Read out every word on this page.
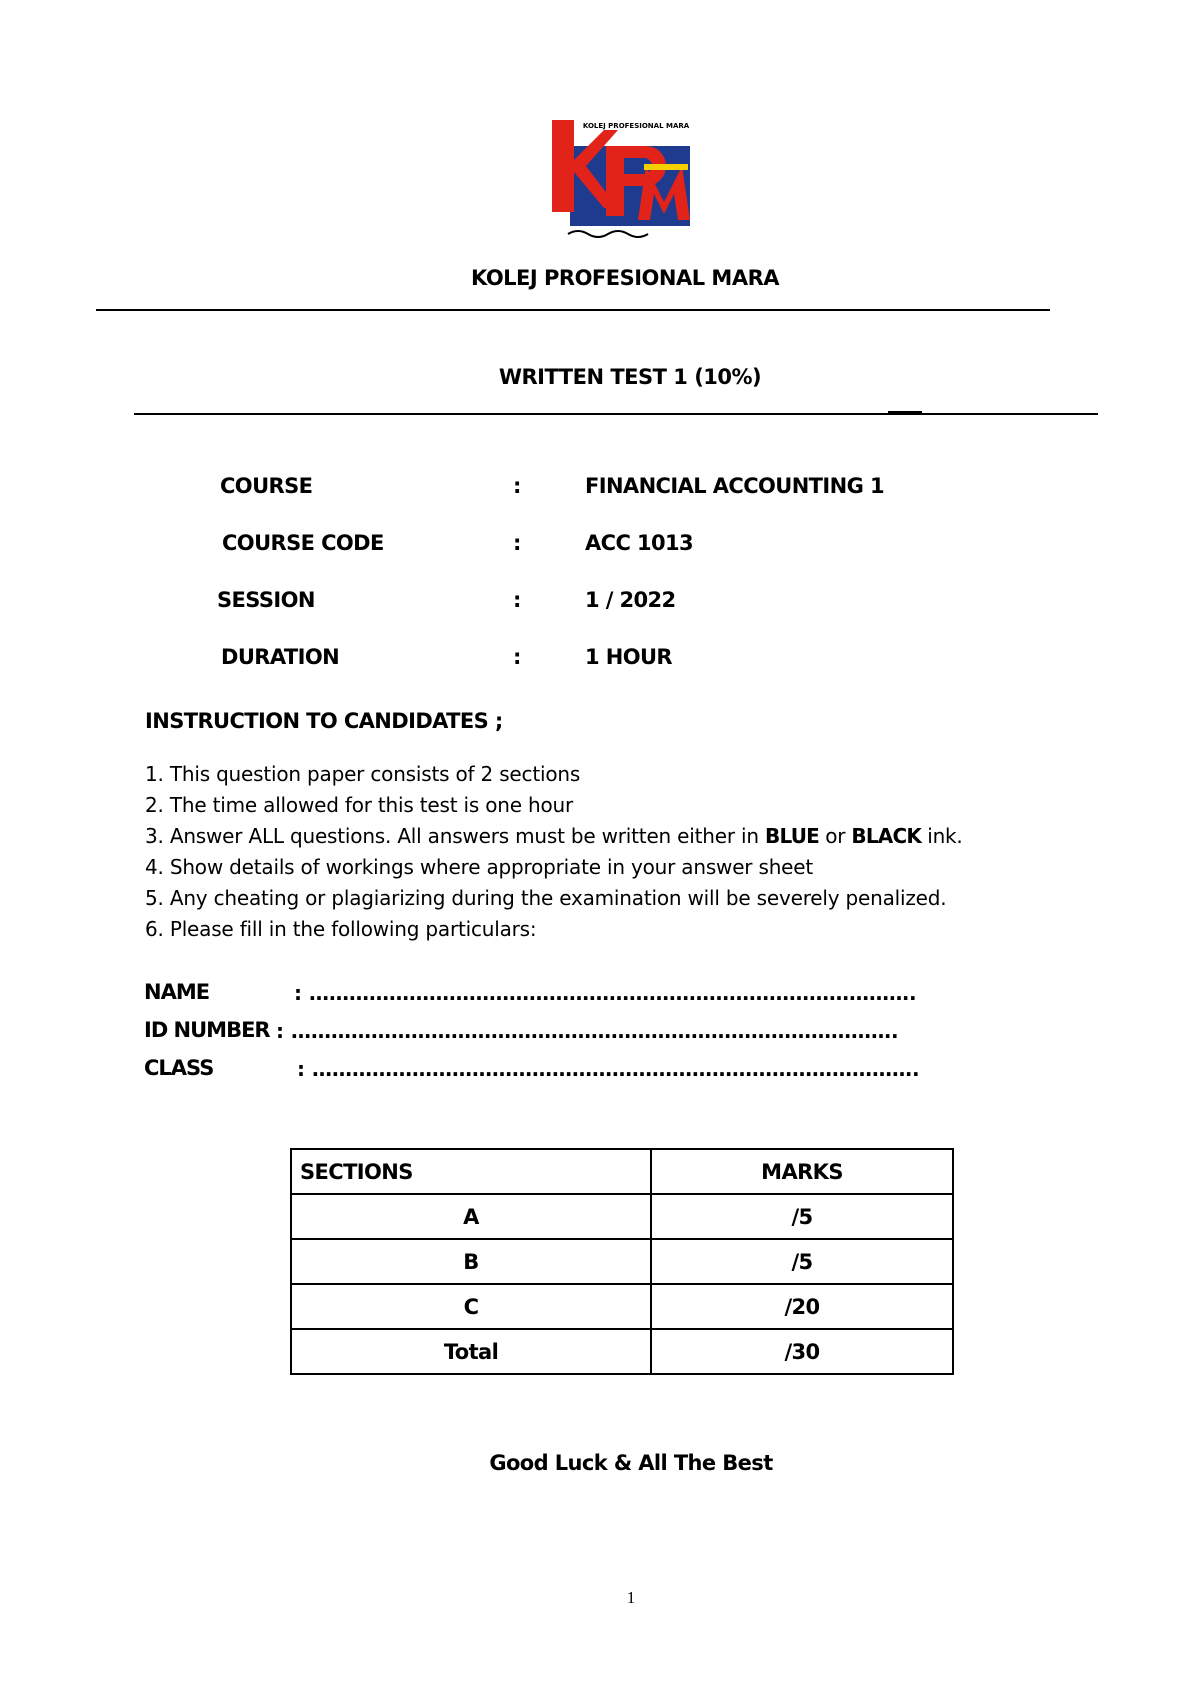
KOLEJ PROFESIONAL MARA
KOLEJ PROFESIONAL MARA
WRITTEN TEST 1 (10%)
COURSE	:	FINANCIAL ACCOUNTING 1
COURSE CODE	:	ACC 1013
SESSION	:	1 / 2022
DURATION	:	1 HOUR
INSTRUCTION TO CANDIDATES ;
1. This question paper consists of 2 sections
2. The time allowed for this test is one hour
3. Answer ALL questions. All answers must be written either in BLUE or BLACK ink.
4. Show details of workings where appropriate in your answer sheet
5. Any cheating or plagiarizing during the examination will be severely penalized.
6. Please fill in the following particulars:
NAME	: ……………………………………………………………………………….
ID NUMBER : ……………………………………………………………………………….
CLASS	: ……………………………………………………………………………….
SECTIONS	MARKS
A	/5
B	/5
C	/20
Total	/30
Good Luck & All The Best
1
